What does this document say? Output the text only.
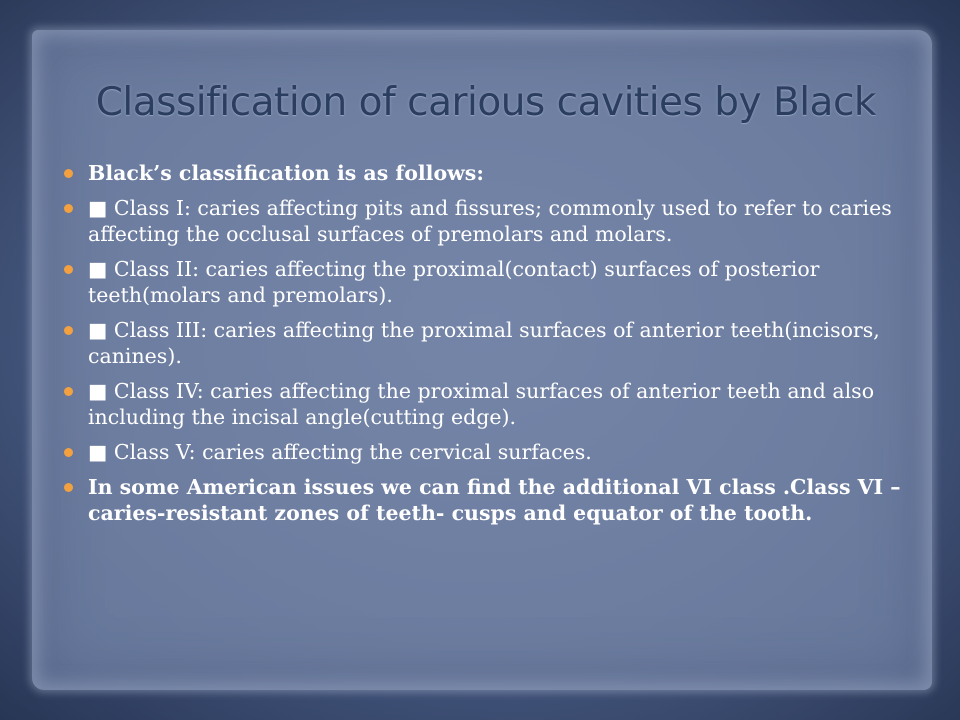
Classification of carious cavities by Black
Black’s classification is as follows:
■ Class I: caries affecting pits and fissures; commonly used to refer to caries affecting the occlusal surfaces of premolars and molars.
■ Class II: caries affecting the proximal(contact) surfaces of posterior teeth(molars and premolars).
■ Class III: caries affecting the proximal surfaces of anterior teeth(incisors, canines).
■ Class IV: caries affecting the proximal surfaces of anterior teeth and also including the incisal angle(cutting edge).
■ Class V: caries affecting the cervical surfaces.
In some American issues we can find the additional VI class .Class VI – caries-resistant zones of teeth- cusps and equator of the tooth.
